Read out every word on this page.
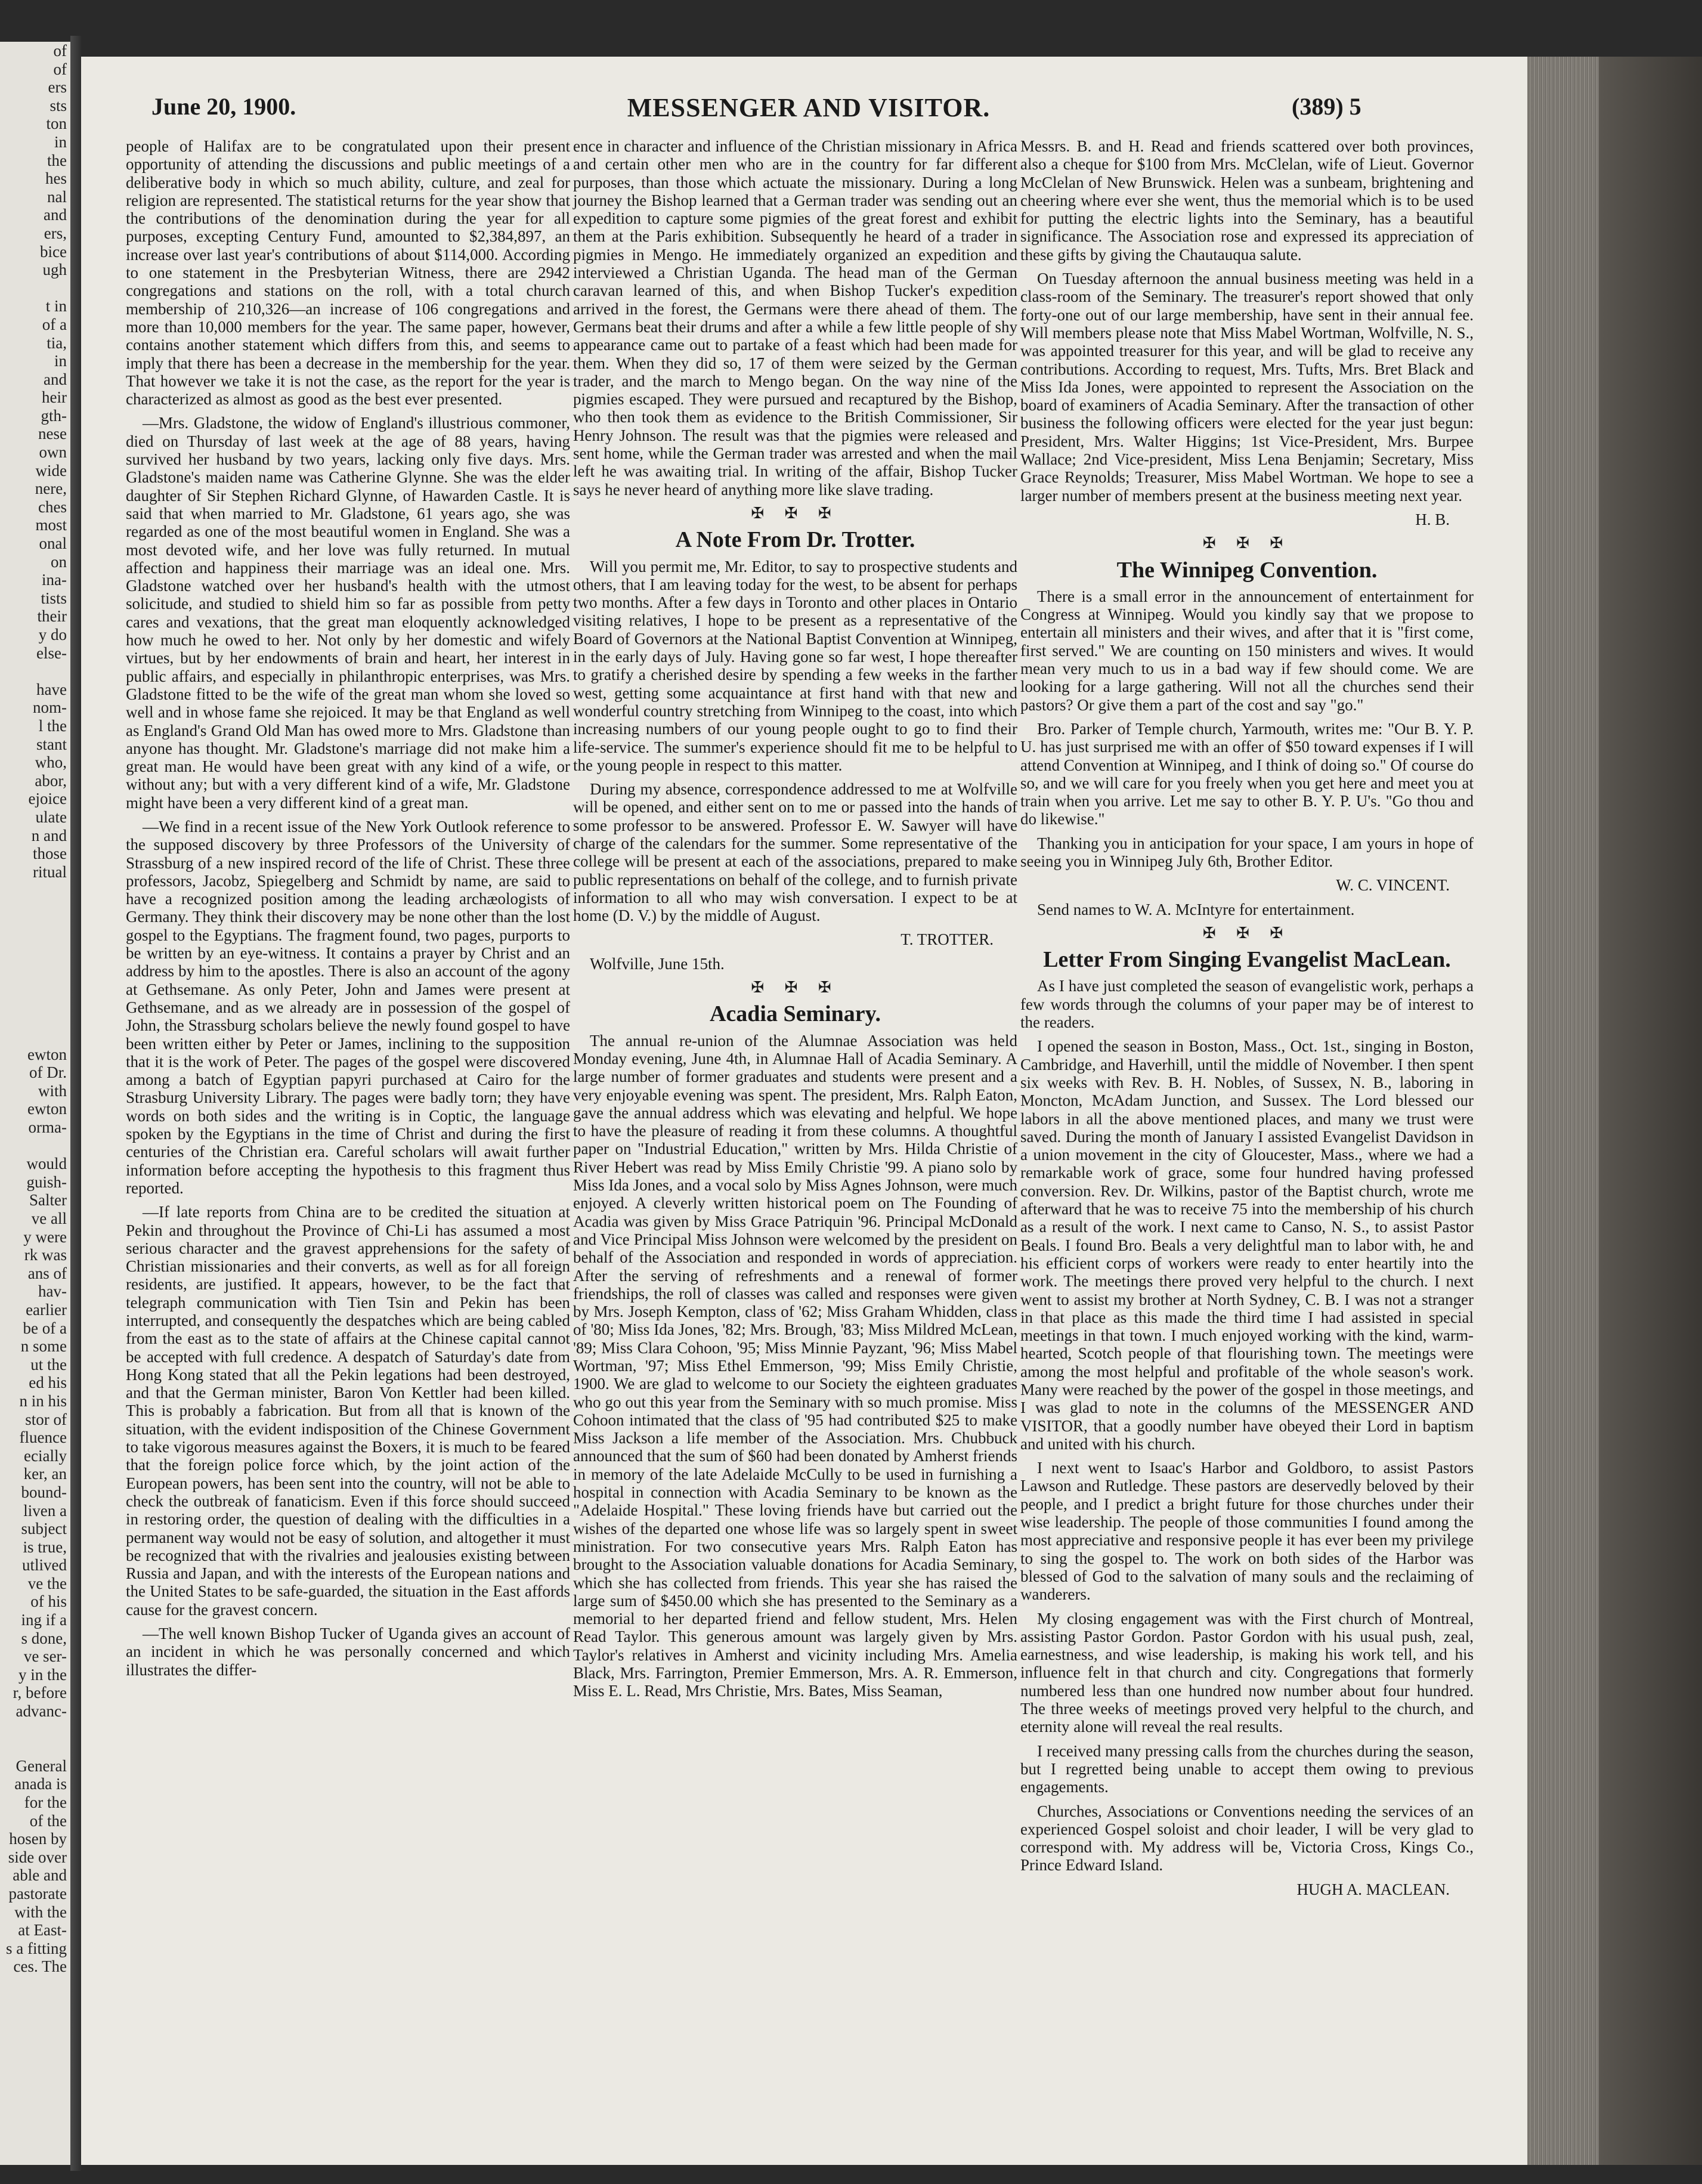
of
of
ers
sts
ton
in
the
hes
nal
and
ers,
bice
ugh

t in
of a
tia,
in
and
heir
gth-
nese
own
wide
nere,
ches
most
onal
on
ina-
tists
their
y do
else-

have
nom-
l the
stant
who,
abor,
ejoice
ulate
n and
those
ritual

ewton
of Dr.
with
ewton
orma-

would
guish-
Salter
ve all
y were
rk was
ans of
hav-
earlier
be of a
n some
ut the
ed his
n in his
stor of
fluence
ecially
ker, an
bound-
liven a
subject
is true,
utlived
ve the
of his
ing if a
s done,
ve ser-
y in the
r, before
advanc-

General
anada is
for the
of the
hosen by
side over
able and
pastorate
with the
at East-
s a fitting
ces. The
June 20, 1900.	MESSENGER AND VISITOR.	(389) 5

people of Halifax are to be congratulated upon their present opportunity of attending the discussions and public meetings of a deliberative body in which so much ability, culture, and zeal for religion are represented. The statistical returns for the year show that the contributions of the denomination during the year for all purposes, excepting Century Fund, amounted to $2,384,897, an increase over last year's contributions of about $114,000. According to one statement in the Presbyterian Witness, there are 2942 congregations and stations on the roll, with a total church membership of 210,326—an increase of 106 congregations and more than 10,000 members for the year. The same paper, however, contains another statement which differs from this, and seems to imply that there has been a decrease in the membership for the year. That however we take it is not the case, as the report for the year is characterized as almost as good as the best ever presented.

—Mrs. Gladstone, the widow of England's illustrious commoner, died on Thursday of last week at the age of 88 years, having survived her husband by two years, lacking only five days. Mrs. Gladstone's maiden name was Catherine Glynne. She was the elder daughter of Sir Stephen Richard Glynne, of Hawarden Castle. It is said that when married to Mr. Gladstone, 61 years ago, she was regarded as one of the most beautiful women in England. She was a most devoted wife, and her love was fully returned. In mutual affection and happiness their marriage was an ideal one. Mrs. Gladstone watched over her husband's health with the utmost solicitude, and studied to shield him so far as possible from petty cares and vexations, that the great man eloquently acknowledged how much he owed to her. Not only by her domestic and wifely virtues, but by her endowments of brain and heart, her interest in public affairs, and especially in philanthropic enterprises, was Mrs. Gladstone fitted to be the wife of the great man whom she loved so well and in whose fame she rejoiced. It may be that England as well as England's Grand Old Man has owed more to Mrs. Gladstone than anyone has thought. Mr. Gladstone's marriage did not make him a great man. He would have been great with any kind of a wife, or without any; but with a very different kind of a wife, Mr. Gladstone might have been a very different kind of a great man.

—We find in a recent issue of the New York Outlook reference to the supposed discovery by three Professors of the University of Strassburg of a new inspired record of the life of Christ. These three professors, Jacobz, Spiegelberg and Schmidt by name, are said to have a recognized position among the leading archæologists of Germany. They think their discovery may be none other than the lost gospel to the Egyptians. The fragment found, two pages, purports to be written by an eye-witness. It contains a prayer by Christ and an address by him to the apostles. There is also an account of the agony at Gethsemane. As only Peter, John and James were present at Gethsemane, and as we already are in possession of the gospel of John, the Strassburg scholars believe the newly found gospel to have been written either by Peter or James, inclining to the supposition that it is the work of Peter. The pages of the gospel were discovered among a batch of Egyptian papyri purchased at Cairo for the Strasburg University Library. The pages were badly torn; they have words on both sides and the writing is in Coptic, the language spoken by the Egyptians in the time of Christ and during the first centuries of the Christian era. Careful scholars will await further information before accepting the hypothesis to this fragment thus reported.

—If late reports from China are to be credited the situation at Pekin and throughout the Province of Chi-Li has assumed a most serious character and the gravest apprehensions for the safety of Christian missionaries and their converts, as well as for all foreign residents, are justified. It appears, however, to be the fact that telegraph communication with Tien Tsin and Pekin has been interrupted, and consequently the despatches which are being cabled from the east as to the state of affairs at the Chinese capital cannot be accepted with full credence. A despatch of Saturday's date from Hong Kong stated that all the Pekin legations had been destroyed, and that the German minister, Baron Von Kettler had been killed. This is probably a fabrication. But from all that is known of the situation, with the evident indisposition of the Chinese Government to take vigorous measures against the Boxers, it is much to be feared that the foreign police force which, by the joint action of the European powers, has been sent into the country, will not be able to check the outbreak of fanaticism. Even if this force should succeed in restoring order, the question of dealing with the difficulties in a permanent way would not be easy of solution, and altogether it must be recognized that with the rivalries and jealousies existing between Russia and Japan, and with the interests of the European nations and the United States to be safe-guarded, the situation in the East affords cause for the gravest concern.

—The well known Bishop Tucker of Uganda gives an account of an incident in which he was personally concerned and which illustrates the differ-

ence in character and influence of the Christian missionary in Africa and certain other men who are in the country for far different purposes, than those which actuate the missionary. During a long journey the Bishop learned that a German trader was sending out an expedition to capture some pigmies of the great forest and exhibit them at the Paris exhibition. Subsequently he heard of a trader in pigmies in Mengo. He immediately organized an expedition and interviewed a Christian Uganda. The head man of the German caravan learned of this, and when Bishop Tucker's expedition arrived in the forest, the Germans were there ahead of them. The Germans beat their drums and after a while a few little people of shy appearance came out to partake of a feast which had been made for them. When they did so, 17 of them were seized by the German trader, and the march to Mengo began. On the way nine of the pigmies escaped. They were pursued and recaptured by the Bishop, who then took them as evidence to the British Commissioner, Sir Henry Johnson. The result was that the pigmies were released and sent home, while the German trader was arrested and when the mail left he was awaiting trial. In writing of the affair, Bishop Tucker says he never heard of anything more like slave trading.

✠ ✠ ✠
A Note From Dr. Trotter.

Will you permit me, Mr. Editor, to say to prospective students and others, that I am leaving today for the west, to be absent for perhaps two months. After a few days in Toronto and other places in Ontario visiting relatives, I hope to be present as a representative of the Board of Governors at the National Baptist Convention at Winnipeg, in the early days of July. Having gone so far west, I hope thereafter to gratify a cherished desire by spending a few weeks in the farther west, getting some acquaintance at first hand with that new and wonderful country stretching from Winnipeg to the coast, into which increasing numbers of our young people ought to go to find their life-service. The summer's experience should fit me to be helpful to the young people in respect to this matter.

During my absence, correspondence addressed to me at Wolfville will be opened, and either sent on to me or passed into the hands of some professor to be answered. Professor E. W. Sawyer will have charge of the calendars for the summer. Some representative of the college will be present at each of the associations, prepared to make public representations on behalf of the college, and to furnish private information to all who may wish conversation. I expect to be at home (D. V.) by the middle of August.

T. TROTTER.

Wolfville, June 15th.

✠ ✠ ✠
Acadia Seminary.

The annual re-union of the Alumnae Association was held Monday evening, June 4th, in Alumnae Hall of Acadia Seminary. A large number of former graduates and students were present and a very enjoyable evening was spent. The president, Mrs. Ralph Eaton, gave the annual address which was elevating and helpful. We hope to have the pleasure of reading it from these columns. A thoughtful paper on "Industrial Education," written by Mrs. Hilda Christie of River Hebert was read by Miss Emily Christie '99. A piano solo by Miss Ida Jones, and a vocal solo by Miss Agnes Johnson, were much enjoyed. A cleverly written historical poem on The Founding of Acadia was given by Miss Grace Patriquin '96. Principal McDonald and Vice Principal Miss Johnson were welcomed by the president on behalf of the Association and responded in words of appreciation. After the serving of refreshments and a renewal of former friendships, the roll of classes was called and responses were given by Mrs. Joseph Kempton, class of '62; Miss Graham Whidden, class of '80; Miss Ida Jones, '82; Mrs. Brough, '83; Miss Mildred McLean, '89; Miss Clara Cohoon, '95; Miss Minnie Payzant, '96; Miss Mabel Wortman, '97; Miss Ethel Emmerson, '99; Miss Emily Christie, 1900. We are glad to welcome to our Society the eighteen graduates who go out this year from the Seminary with so much promise. Miss Cohoon intimated that the class of '95 had contributed $25 to make Miss Jackson a life member of the Association. Mrs. Chubbuck announced that the sum of $60 had been donated by Amherst friends in memory of the late Adelaide McCully to be used in furnishing a hospital in connection with Acadia Seminary to be known as the "Adelaide Hospital." These loving friends have but carried out the wishes of the departed one whose life was so largely spent in sweet ministration. For two consecutive years Mrs. Ralph Eaton has brought to the Association valuable donations for Acadia Seminary, which she has collected from friends. This year she has raised the large sum of $450.00 which she has presented to the Seminary as a memorial to her departed friend and fellow student, Mrs. Helen Read Taylor. This generous amount was largely given by Mrs. Taylor's relatives in Amherst and vicinity including Mrs. Amelia Black, Mrs. Farrington, Premier Emmerson, Mrs. A. R. Emmerson, Miss E. L. Read, Mrs Christie, Mrs. Bates, Miss Seaman,

Messrs. B. and H. Read and friends scattered over both provinces, also a cheque for $100 from Mrs. McClelan, wife of Lieut. Governor McClelan of New Brunswick. Helen was a sunbeam, brightening and cheering where ever she went, thus the memorial which is to be used for putting the electric lights into the Seminary, has a beautiful significance. The Association rose and expressed its appreciation of these gifts by giving the Chautauqua salute.

On Tuesday afternoon the annual business meeting was held in a class-room of the Seminary. The treasurer's report showed that only forty-one out of our large membership, have sent in their annual fee. Will members please note that Miss Mabel Wortman, Wolfville, N. S., was appointed treasurer for this year, and will be glad to receive any contributions. According to request, Mrs. Tufts, Mrs. Bret Black and Miss Ida Jones, were appointed to represent the Association on the board of examiners of Acadia Seminary. After the transaction of other business the following officers were elected for the year just begun: President, Mrs. Walter Higgins; 1st Vice-President, Mrs. Burpee Wallace; 2nd Vice-president, Miss Lena Benjamin; Secretary, Miss Grace Reynolds; Treasurer, Miss Mabel Wortman. We hope to see a larger number of members present at the business meeting next year.

H. B.

✠ ✠ ✠
The Winnipeg Convention.

There is a small error in the announcement of entertainment for Congress at Winnipeg. Would you kindly say that we propose to entertain all ministers and their wives, and after that it is "first come, first served." We are counting on 150 ministers and wives. It would mean very much to us in a bad way if few should come. We are looking for a large gathering. Will not all the churches send their pastors? Or give them a part of the cost and say "go."

Bro. Parker of Temple church, Yarmouth, writes me: "Our B. Y. P. U. has just surprised me with an offer of $50 toward expenses if I will attend Convention at Winnipeg, and I think of doing so." Of course do so, and we will care for you freely when you get here and meet you at train when you arrive. Let me say to other B. Y. P. U's. "Go thou and do likewise."

Thanking you in anticipation for your space, I am yours in hope of seeing you in Winnipeg July 6th, Brother Editor.

W. C. VINCENT.

Send names to W. A. McIntyre for entertainment.

✠ ✠ ✠
Letter From Singing Evangelist MacLean.

As I have just completed the season of evangelistic work, perhaps a few words through the columns of your paper may be of interest to the readers.

I opened the season in Boston, Mass., Oct. 1st., singing in Boston, Cambridge, and Haverhill, until the middle of November. I then spent six weeks with Rev. B. H. Nobles, of Sussex, N. B., laboring in Moncton, McAdam Junction, and Sussex. The Lord blessed our labors in all the above mentioned places, and many we trust were saved. During the month of January I assisted Evangelist Davidson in a union movement in the city of Gloucester, Mass., where we had a remarkable work of grace, some four hundred having professed conversion. Rev. Dr. Wilkins, pastor of the Baptist church, wrote me afterward that he was to receive 75 into the membership of his church as a result of the work. I next came to Canso, N. S., to assist Pastor Beals. I found Bro. Beals a very delightful man to labor with, he and his efficient corps of workers were ready to enter heartily into the work. The meetings there proved very helpful to the church. I next went to assist my brother at North Sydney, C. B. I was not a stranger in that place as this made the third time I had assisted in special meetings in that town. I much enjoyed working with the kind, warm-hearted, Scotch people of that flourishing town. The meetings were among the most helpful and profitable of the whole season's work. Many were reached by the power of the gospel in those meetings, and I was glad to note in the columns of the MESSENGER AND VISITOR, that a goodly number have obeyed their Lord in baptism and united with his church.

I next went to Isaac's Harbor and Goldboro, to assist Pastors Lawson and Rutledge. These pastors are deservedly beloved by their people, and I predict a bright future for those churches under their wise leadership. The people of those communities I found among the most appreciative and responsive people it has ever been my privilege to sing the gospel to. The work on both sides of the Harbor was blessed of God to the salvation of many souls and the reclaiming of wanderers.

My closing engagement was with the First church of Montreal, assisting Pastor Gordon. Pastor Gordon with his usual push, zeal, earnestness, and wise leadership, is making his work tell, and his influence felt in that church and city. Congregations that formerly numbered less than one hundred now number about four hundred. The three weeks of meetings proved very helpful to the church, and eternity alone will reveal the real results.

I received many pressing calls from the churches during the season, but I regretted being unable to accept them owing to previous engagements.

Churches, Associations or Conventions needing the services of an experienced Gospel soloist and choir leader, I will be very glad to correspond with. My address will be, Victoria Cross, Kings Co., Prince Edward Island.

HUGH A. MACLEAN.
